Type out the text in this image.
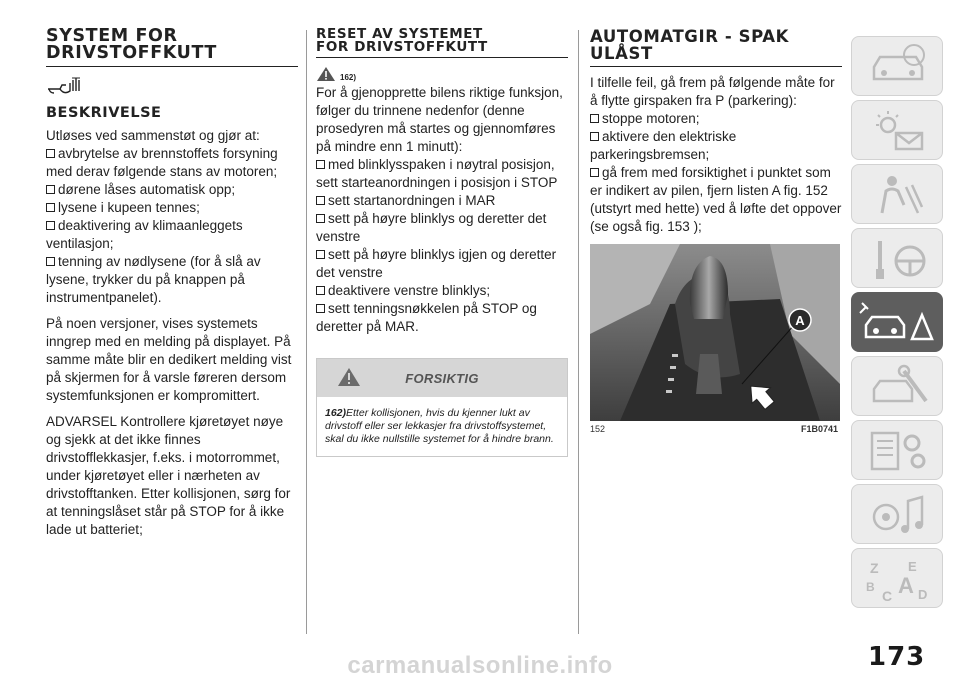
SYSTEM FOR
DRIVSTOFFKUTT
BESKRIVELSE

Utløses ved sammenstøt og gjør at:

avbrytelse av brennstoffets forsyning med derav følgende stans av motoren;
dørene låses automatisk opp;
lysene i kupeen tennes;
deaktivering av klimaanleggets ventilasjon;
tenning av nødlysene (for å slå av lysene, trykker du på knappen på instrumentpanelet).

På noen versjoner, vises systemets inngrep med en melding på displayet. På samme måte blir en dedikert melding vist på skjermen for å varsle føreren dersom systemfunksjonen er kompromittert.

ADVARSEL Kontrollere kjøretøyet nøye og sjekk at det ikke finnes drivstofflekkasjer, f.eks. i motorrommet, under kjøretøyet eller i nærheten av drivstofftanken. Etter kollisjonen, sørg for at tenningslåset står på STOP for å ikke lade ut batteriet;

RESET AV SYSTEMET
FOR DRIVSTOFFKUTT
162)

For å gjenopprette bilens riktige funksjon, følger du trinnene nedenfor (denne prosedyren må startes og gjennomføres på mindre enn 1 minutt):

med blinklysspaken i nøytral posisjon, sett starteanordningen i posisjon i STOP
sett startanordningen i MAR
sett på høyre blinklys og deretter det venstre
sett på høyre blinklys igjen og deretter det venstre
deaktivere venstre blinklys;
sett tenningsnøkkelen på STOP og deretter på MAR.
FORSIKTIG
162)Etter kollisjonen, hvis du kjenner lukt av drivstoff eller ser lekkasjer fra drivstoffsystemet, skal du ikke nullstille systemet for å hindre brann.
AUTOMATGIR - SPAK
ULÅST

I tilfelle feil, gå frem på følgende måte for å flytte girspaken fra P (parkering):

stoppe motoren;
aktivere den elektriske parkeringsbremsen;
gå frem med forsiktighet i punktet som er indikert av pilen, fjern listen A fig. 152 (utstyrt med hette) ved å løfte det oppover (se også fig. 153 );
A
152	F1B0741
Z E
B A
C D
173
carmanualsonline.info
